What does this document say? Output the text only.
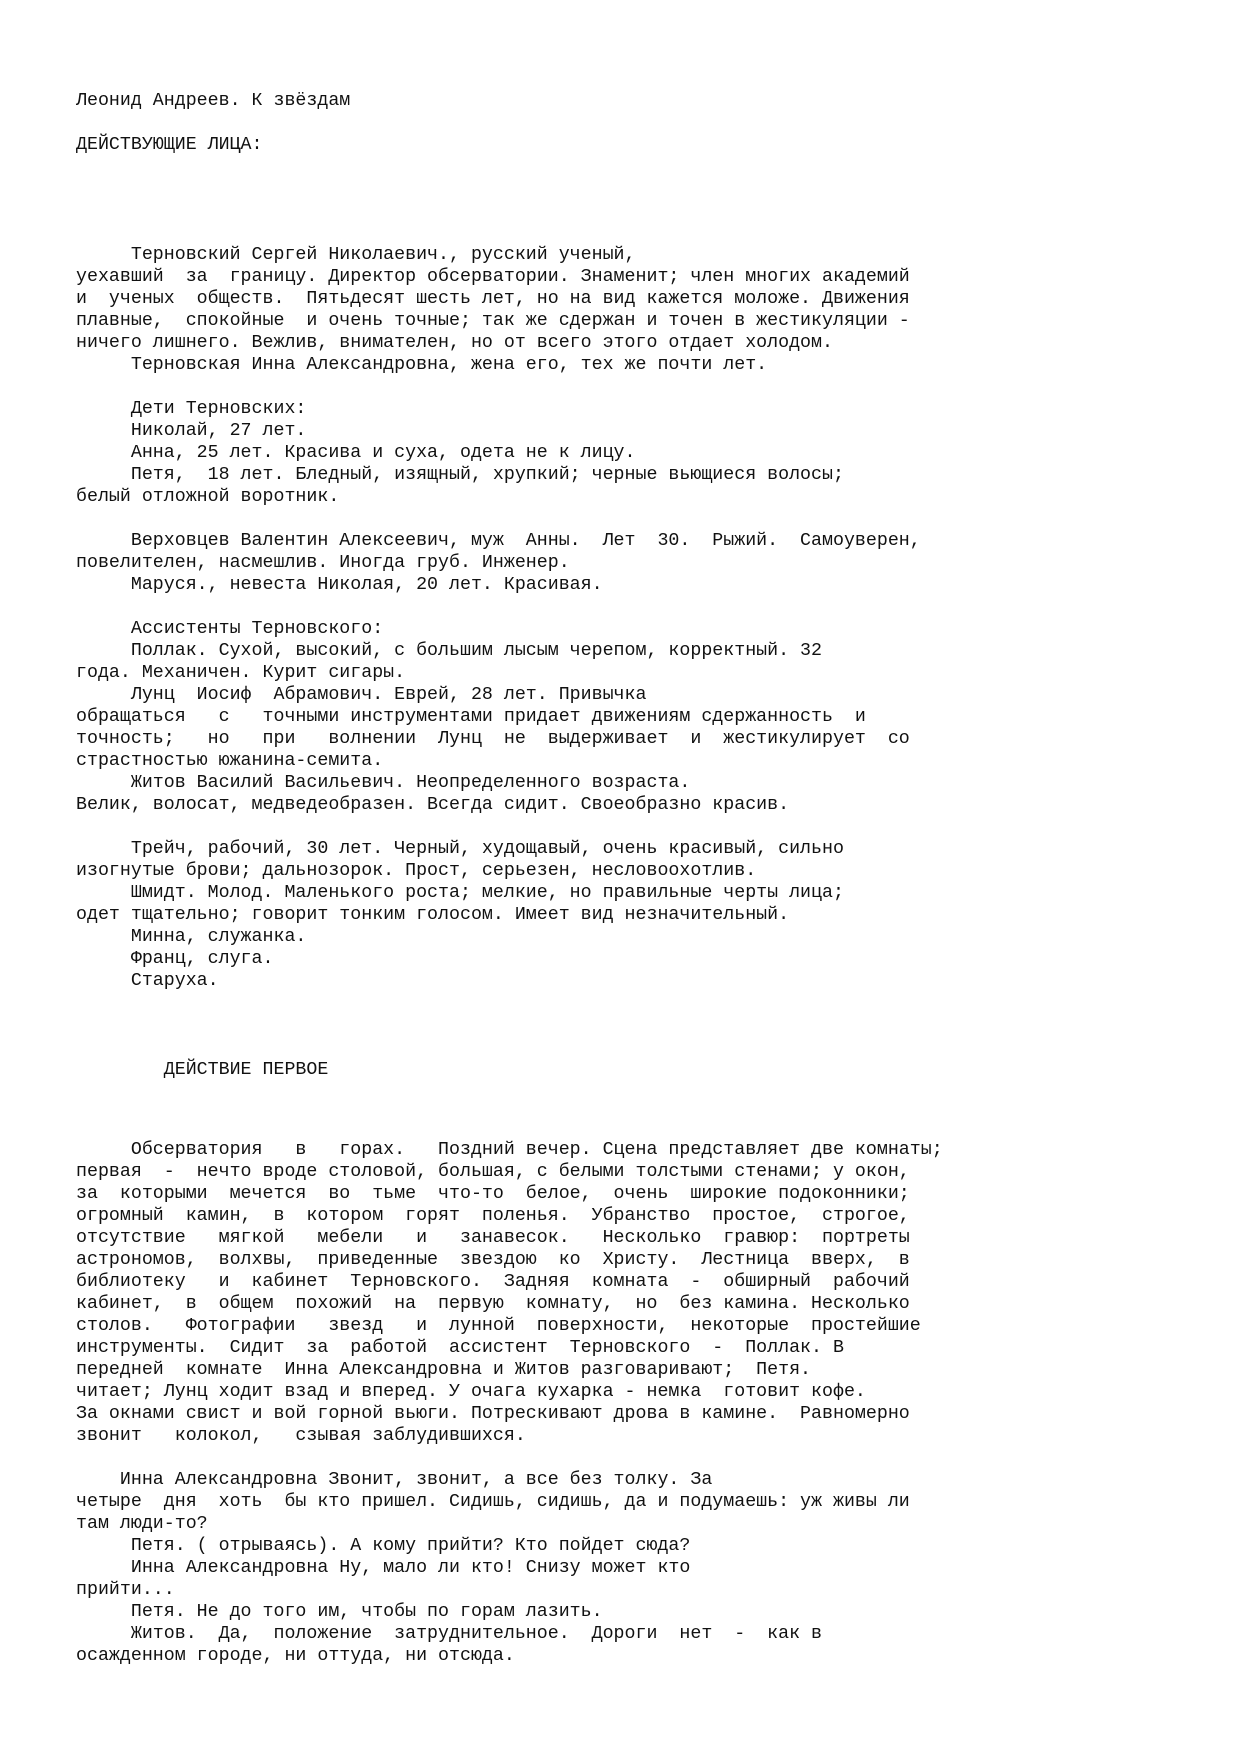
Леонид Андреев. К звёздам
ДЕЙСТВУЮЩИЕ ЛИЦА:
Терновский Сергей Николаевич., русский ученый,
уехавший  за  границу. Директор обсерватории. Знаменит; член многих академий
и  ученых  обществ.  Пятьдесят шесть лет, но на вид кажется моложе. Движения
плавные,  спокойные  и очень точные; так же сдержан и точен в жестикуляции -
ничего лишнего. Вежлив, внимателен, но от всего этого отдает холодом.
Терновская Инна Александровна, жена его, тех же почти лет.
Дети Терновских:
Николай, 27 лет.
Анна, 25 лет. Красива и суха, одета не к лицу.
Петя,  18 лет. Бледный, изящный, хрупкий; черные вьющиеся волосы;
белый отложной воротник.
Верховцев Валентин Алексеевич, муж  Анны.  Лет  30.  Рыжий.  Самоуверен,
повелителен, насмешлив. Иногда груб. Инженер.
Маруся., невеста Николая, 20 лет. Красивая.
Ассистенты Терновского:
Поллак. Сухой, высокий, с большим лысым черепом, корректный. 32
года. Механичен. Курит сигары.
Лунц  Иосиф  Абрамович. Еврей, 28 лет. Привычка
обращаться   с   точными инструментами придает движениям сдержанность  и
точность;   но   при   волнении  Лунц  не  выдерживает  и  жестикулирует  со
страстностью южанина-семита.
Житов Василий Васильевич. Неопределенного возраста.
Велик, волосат, медведеобразен. Всегда сидит. Своеобразно красив.
Трейч, рабочий, 30 лет. Черный, худощавый, очень красивый, сильно
изогнутые брови; дальнозорок. Прост, серьезен, несловоохотлив.
Шмидт. Молод. Маленького роста; мелкие, но правильные черты лица;
одет тщательно; говорит тонким голосом. Имеет вид незначительный.
Минна, служанка.
Франц, слуга.
Старуха.
ДЕЙСТВИЕ ПЕРВОЕ
Обсерватория   в   горах.   Поздний вечер. Сцена представляет две комнаты;
первая  -  нечто вроде столовой, большая, с белыми толстыми стенами; у окон,
за  которыми  мечется  во  тьме  что-то  белое,  очень  широкие подоконники;
огромный  камин,  в  котором  горят  поленья.  Убранство  простое,  строгое,
отсутствие   мягкой   мебели   и   занавесок.   Несколько  гравюр:  портреты
астрономов,  волхвы,  приведенные  звездою  ко  Христу.  Лестница  вверх,  в
библиотеку   и  кабинет  Терновского.  Задняя  комната  -  обширный  рабочий
кабинет,  в  общем  похожий  на  первую  комнату,  но  без камина. Несколько
столов.   Фотографии   звезд   и  лунной  поверхности,  некоторые  простейшие
инструменты.  Сидит  за  работой  ассистент  Терновского  -  Поллак. В
передней  комнате  Инна Александровна и Житов разговаривают;  Петя.
читает; Лунц ходит взад и вперед. У очага кухарка - немка  готовит кофе.
За окнами свист и вой горной вьюги. Потрескивают дрова в камине.  Равномерно
звонит   колокол,   сзывая заблудившихся.
Инна Александровна Звонит, звонит, а все без толку. За
четыре  дня  хоть  бы кто пришел. Сидишь, сидишь, да и подумаешь: уж живы ли
там люди-то?
Петя. ( отрываясь). А кому прийти? Кто пойдет сюда?
Инна Александровна Ну, мало ли кто! Снизу может кто
прийти...
Петя. Не до того им, чтобы по горам лазить.
Житов.  Да,  положение  затруднительное.  Дороги  нет  -  как в
осажденном городе, ни оттуда, ни отсюда.
